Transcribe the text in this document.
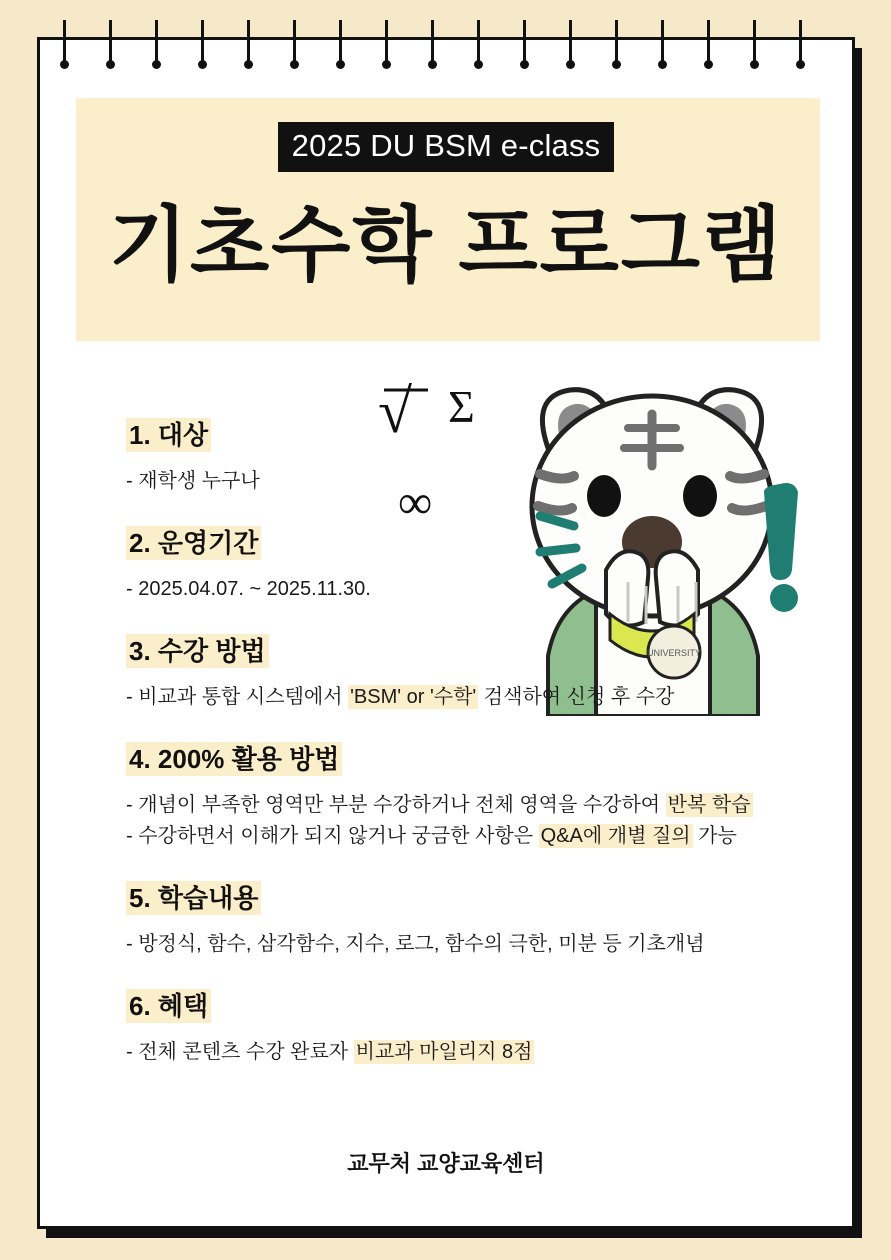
2025 DU BSM e-class
기초수학 프로그램
√ Σ
∞
UNIVERSITY
1. 대상
- 재학생 누구나
2. 운영기간
- 2025.04.07. ~ 2025.11.30.
3. 수강 방법
- 비교과 통합 시스템에서 'BSM' or '수학' 검색하여 신청 후 수강
4. 200% 활용 방법
- 개념이 부족한 영역만 부분 수강하거나 전체 영역을 수강하여 반복 학습
- 수강하면서 이해가 되지 않거나 궁금한 사항은 Q&A에 개별 질의 가능
5. 학습내용
- 방정식, 함수, 삼각함수, 지수, 로그, 함수의 극한, 미분 등 기초개념
6. 혜택
- 전체 콘텐츠 수강 완료자 비교과 마일리지 8점
교무처 교양교육센터
